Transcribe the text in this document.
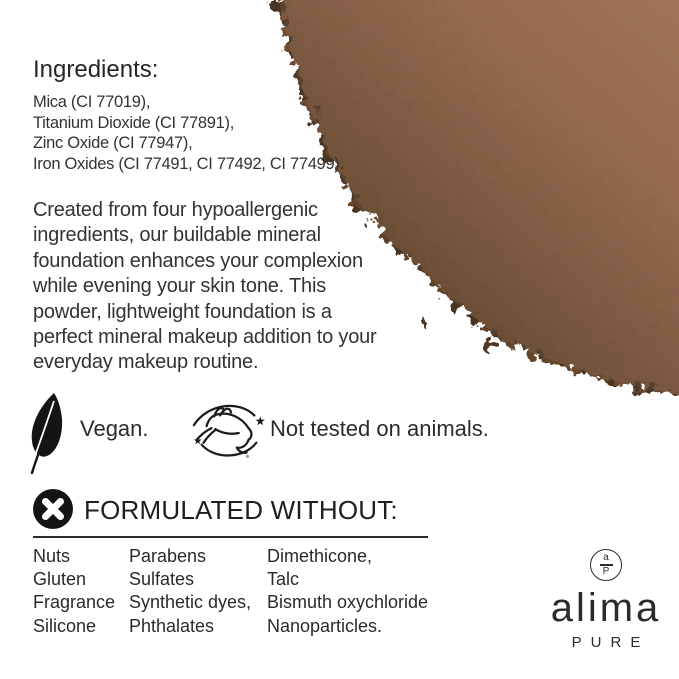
Ingredients:
Mica (CI 77019),
Titanium Dioxide (CI 77891),
Zinc Oxide (CI 77947),
Iron Oxides (CI 77491, CI 77492, CI 77499).
Created from four hypoallergenic
ingredients, our buildable mineral
foundation enhances your complexion
while evening your skin tone. This
powder, lightweight foundation is a
perfect mineral makeup addition to your
everyday makeup routine.
Vegan.	Not tested on animals.
FORMULATED WITHOUT:
Nuts
Gluten
Fragrance
Silicone
Parabens
Sulfates
Synthetic dyes,
Phthalates
Dimethicone,
Talc
Bismuth oxychloride
Nanoparticles.
a
P
alima
PURE
